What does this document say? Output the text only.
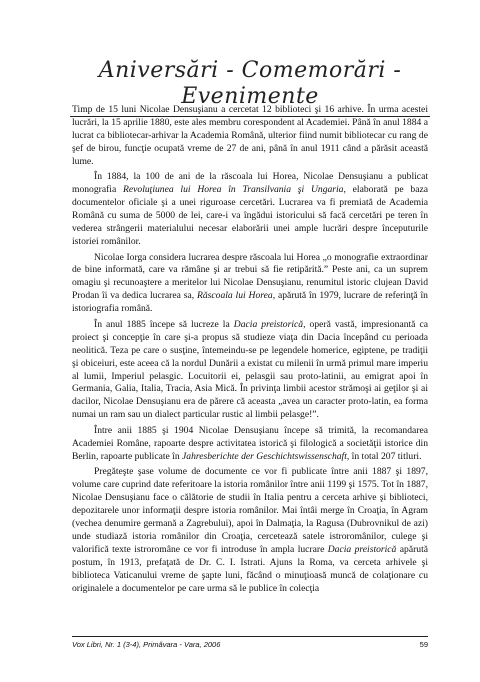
Aniversări - Comemorări - Evenimente

Timp de 15 luni Nicolae Densuşianu a cercetat 12 biblioteci şi 16 arhive. În urma acestei lucrări, la 15 aprilie 1880, este ales membru corespondent al Academiei. Până în anul 1884 a lucrat ca bibliotecar-arhivar la Academia Română, ulterior fiind numit bibliotecar cu rang de şef de birou, funcţie ocupată vreme de 27 de ani, până în anul 1911 când a părăsit această lume.

În 1884, la 100 de ani de la răscoala lui Horea, Nicolae Densuşianu a publicat monografia Revoluţiunea lui Horea în Transilvania şi Ungaria, elaborată pe baza documentelor oficiale şi a unei riguroase cercetări. Lucrarea va fi premiată de Academia Română cu suma de 5000 de lei, care-i va îngădui istoricului să facă cercetări pe teren în vederea strângerii materialului necesar elaborării unei ample lucrări despre începuturile istoriei românilor.

Nicolae Iorga considera lucrarea despre răscoala lui Horea „o monografie extraordinar de bine informată, care va rămâne şi ar trebui să fie retipărită.” Peste ani, ca un suprem omagiu şi recunoaştere a meritelor lui Nicolae Densuşianu, renumitul istoric clujean David Prodan îi va dedica lucrarea sa, Răscoala lui Horea, apărută în 1979, lucrare de referinţă în istoriografia română.

În anul 1885 începe să lucreze la Dacia preistorică, operă vastă, impresionantă ca proiect şi concepţie în care şi-a propus să studieze viaţa din Dacia începând cu perioada neolitică. Teza pe care o susţine, întemeindu-se pe legendele homerice, egiptene, pe tradiţii şi obiceiuri, este aceea că la nordul Dunării a existat cu milenii în urmă primul mare imperiu al lumii, Imperiul pelasgic. Locuitorii ei, pelasgii sau proto-latinii, au emigrat apoi în Germania, Galia, Italia, Tracia, Asia Mică. În privinţa limbii acestor strămoşi ai geţilor şi ai dacilor, Nicolae Densuşianu era de părere că aceasta „avea un caracter proto-latin, ea forma numai un ram sau un dialect particular rustic al limbii pelasge!”.

Între anii 1885 şi 1904 Nicolae Densuşianu începe să trimită, la recomandarea Academiei Române, rapoarte despre activitatea istorică şi filologică a societăţii istorice din Berlin, rapoarte publicate în Jahresberichte der Geschichtswissenschaft, în total 207 titluri.

Pregăteşte şase volume de documente ce vor fi publicate între anii 1887 şi 1897, volume care cuprind date referitoare la istoria românilor între anii 1199 şi 1575. Tot în 1887, Nicolae Densuşianu face o călătorie de studii în Italia pentru a cerceta arhive şi biblioteci, depozitarele unor informaţii despre istoria românilor. Mai întâi merge în Croaţia, în Agram (vechea denumire germană a Zagrebului), apoi în Dalmaţia, la Ragusa (Dubrovnikul de azi) unde studiază istoria românilor din Croaţia, cercetează satele istroromânilor, culege şi valorifică texte istroromâne ce vor fi introduse în ampla lucrare Dacia preistorică apărută postum, în 1913, prefaţată de Dr. C. I. Istrati. Ajuns la Roma, va cerceta arhivele şi biblioteca Vaticanului vreme de şapte luni, făcând o minuţioasă muncă de colaţionare cu originalele a documentelor pe care urma să le publice în colecţia

Vox Libri, Nr. 1 (3-4), Primăvara - Vara, 2006	59
